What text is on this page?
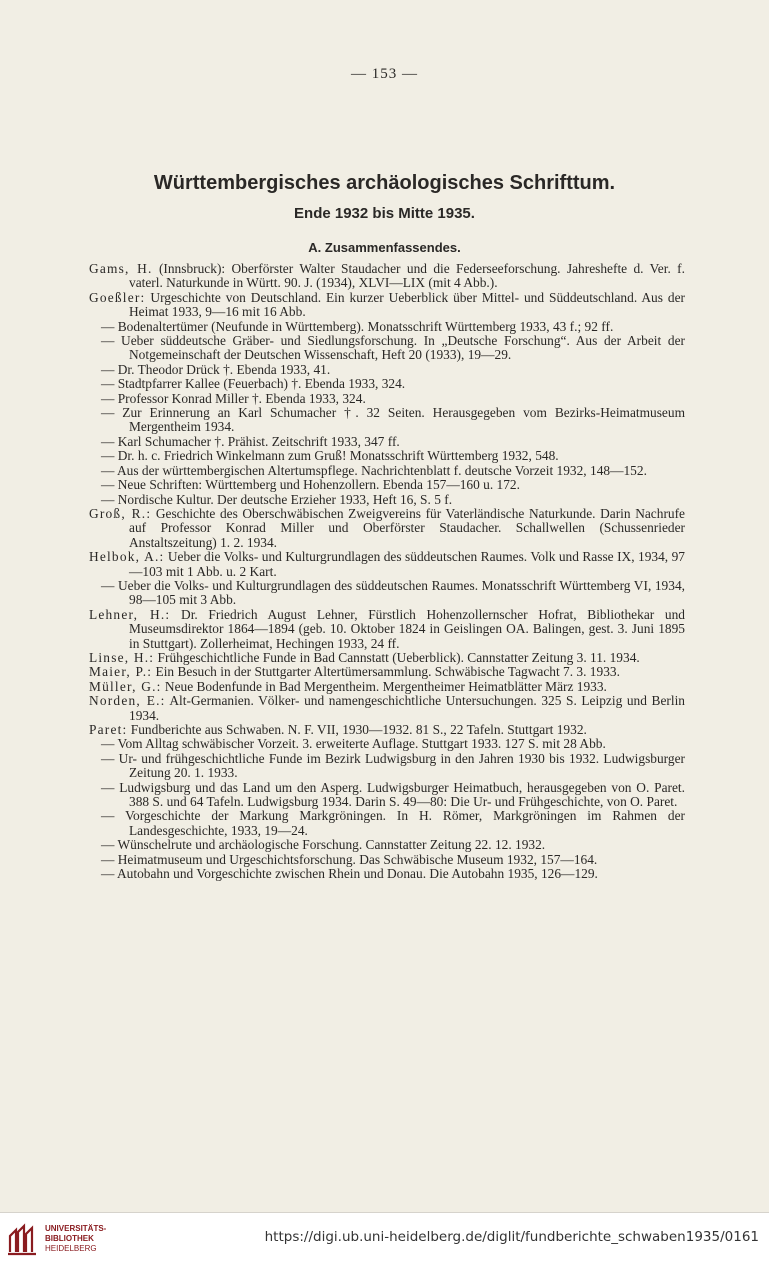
— 153 —
Württembergisches archäologisches Schrifttum.
Ende 1932 bis Mitte 1935.
A. Zusammenfassendes.

Gams, H. (Innsbruck): Oberförster Walter Staudacher und die Federseeforschung. Jahreshefte d. Ver. f. vaterl. Naturkunde in Württ. 90. J. (1934), XLVI—LIX (mit 4 Abb.).

Goeßler: Urgeschichte von Deutschland. Ein kurzer Ueberblick über Mittel- und Süddeutschland. Aus der Heimat 1933, 9—16 mit 16 Abb.

— Bodenaltertümer (Neufunde in Württemberg). Monatsschrift Württemberg 1933, 43 f.; 92 ff.

— Ueber süddeutsche Gräber- und Siedlungsforschung. In „Deutsche Forschung“. Aus der Arbeit der Notgemeinschaft der Deutschen Wissenschaft, Heft 20 (1933), 19—29.

— Dr. Theodor Drück †. Ebenda 1933, 41.

— Stadtpfarrer Kallee (Feuerbach) †. Ebenda 1933, 324.

— Professor Konrad Miller †. Ebenda 1933, 324.

— Zur Erinnerung an Karl Schumacher †. 32 Seiten. Herausgegeben vom Bezirks-Heimatmuseum Mergentheim 1934.

— Karl Schumacher †. Prähist. Zeitschrift 1933, 347 ff.

— Dr. h. c. Friedrich Winkelmann zum Gruß! Monatsschrift Württemberg 1932, 548.

— Aus der württembergischen Altertumspflege. Nachrichtenblatt f. deutsche Vorzeit 1932, 148—152.

— Neue Schriften: Württemberg und Hohenzollern. Ebenda 157—160 u. 172.

— Nordische Kultur. Der deutsche Erzieher 1933, Heft 16, S. 5 f.

Groß, R.: Geschichte des Oberschwäbischen Zweigvereins für Vaterländische Naturkunde. Darin Nachrufe auf Professor Konrad Miller und Oberförster Staudacher. Schallwellen (Schussenrieder Anstaltszeitung) 1. 2. 1934.

Helbok, A.: Ueber die Volks- und Kulturgrundlagen des süddeutschen Raumes. Volk und Rasse IX, 1934, 97—103 mit 1 Abb. u. 2 Kart.

— Ueber die Volks- und Kulturgrundlagen des süddeutschen Raumes. Monatsschrift Württemberg VI, 1934, 98—105 mit 3 Abb.

Lehner, H.: Dr. Friedrich August Lehner, Fürstlich Hohenzollernscher Hofrat, Bibliothekar und Museumsdirektor 1864—1894 (geb. 10. Oktober 1824 in Geislingen OA. Balingen, gest. 3. Juni 1895 in Stuttgart). Zollerheimat, Hechingen 1933, 24 ff.

Linse, H.: Frühgeschichtliche Funde in Bad Cannstatt (Ueberblick). Cannstatter Zeitung 3. 11. 1934.

Maier, P.: Ein Besuch in der Stuttgarter Altertümersammlung. Schwäbische Tagwacht 7. 3. 1933.

Müller, G.: Neue Bodenfunde in Bad Mergentheim. Mergentheimer Heimatblätter März 1933.

Norden, E.: Alt-Germanien. Völker- und namengeschichtliche Untersuchungen. 325 S. Leipzig und Berlin 1934.

Paret: Fundberichte aus Schwaben. N. F. VII, 1930—1932. 81 S., 22 Tafeln. Stuttgart 1932.

— Vom Alltag schwäbischer Vorzeit. 3. erweiterte Auflage. Stuttgart 1933. 127 S. mit 28 Abb.

— Ur- und frühgeschichtliche Funde im Bezirk Ludwigsburg in den Jahren 1930 bis 1932. Ludwigsburger Zeitung 20. 1. 1933.

— Ludwigsburg und das Land um den Asperg. Ludwigsburger Heimatbuch, herausgegeben von O. Paret. 388 S. und 64 Tafeln. Ludwigsburg 1934. Darin S. 49—80: Die Ur- und Frühgeschichte, von O. Paret.

— Vorgeschichte der Markung Markgröningen. In H. Römer, Markgröningen im Rahmen der Landesgeschichte, 1933, 19—24.

— Wünschelrute und archäologische Forschung. Cannstatter Zeitung 22. 12. 1932.

— Heimatmuseum und Urgeschichtsforschung. Das Schwäbische Museum 1932, 157—164.

— Autobahn und Vorgeschichte zwischen Rhein und Donau. Die Autobahn 1935, 126—129.

UNIVERSITÄTS-
BIBLIOTHEK
HEIDELBERG
https://digi.ub.uni-heidelberg.de/diglit/fundberichte_schwaben1935/0161
